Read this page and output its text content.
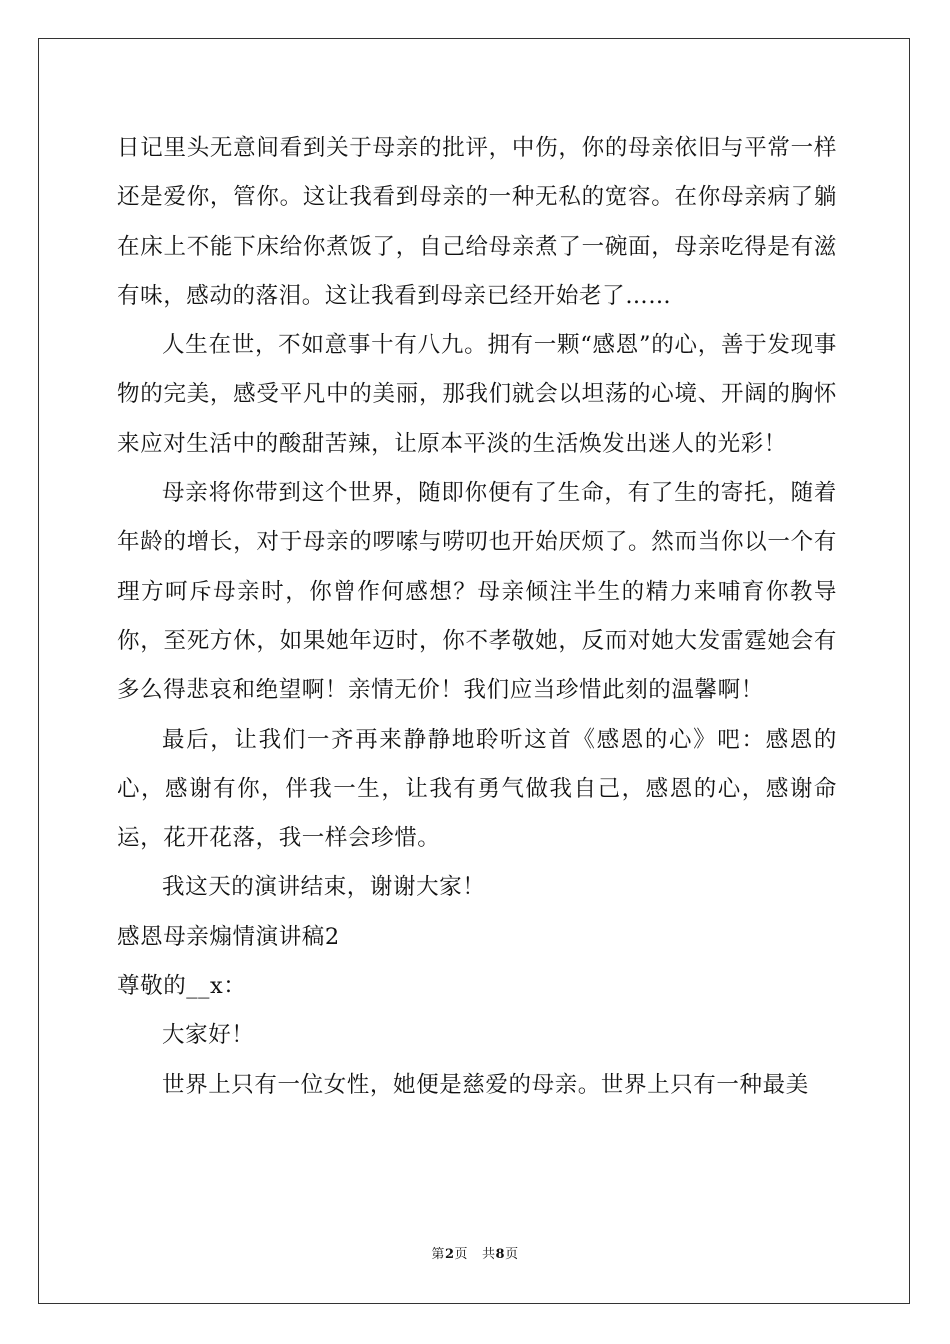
日记里头无意间看到关于母亲的批评，中伤，你的母亲依旧与平常一样还是爱你，管你。这让我看到母亲的一种无私的宽容。在你母亲病了躺在床上不能下床给你煮饭了，自己给母亲煮了一碗面，母亲吃得是有滋有味，感动的落泪。这让我看到母亲已经开始老了……

人生在世，不如意事十有八九。拥有一颗“感恩”的心，善于发现事物的完美，感受平凡中的美丽，那我们就会以坦荡的心境、开阔的胸怀来应对生活中的酸甜苦辣，让原本平淡的生活焕发出迷人的光彩！

母亲将你带到这个世界，随即你便有了生命，有了生的寄托，随着年龄的增长，对于母亲的啰嗦与唠叨也开始厌烦了。然而当你以一个有理方呵斥母亲时，你曾作何感想？母亲倾注半生的精力来哺育你教导你，至死方休，如果她年迈时，你不孝敬她，反而对她大发雷霆她会有多么得悲哀和绝望啊！亲情无价！我们应当珍惜此刻的温馨啊！

最后，让我们一齐再来静静地聆听这首《感恩的心》吧：感恩的心，感谢有你，伴我一生，让我有勇气做我自己，感恩的心，感谢命运，花开花落，我一样会珍惜。

我这天的演讲结束，谢谢大家！

感恩母亲煽情演讲稿2

尊敬的__x：

大家好！

世界上只有一位女性，她便是慈爱的母亲。世界上只有一种最美

第2页 共8页
